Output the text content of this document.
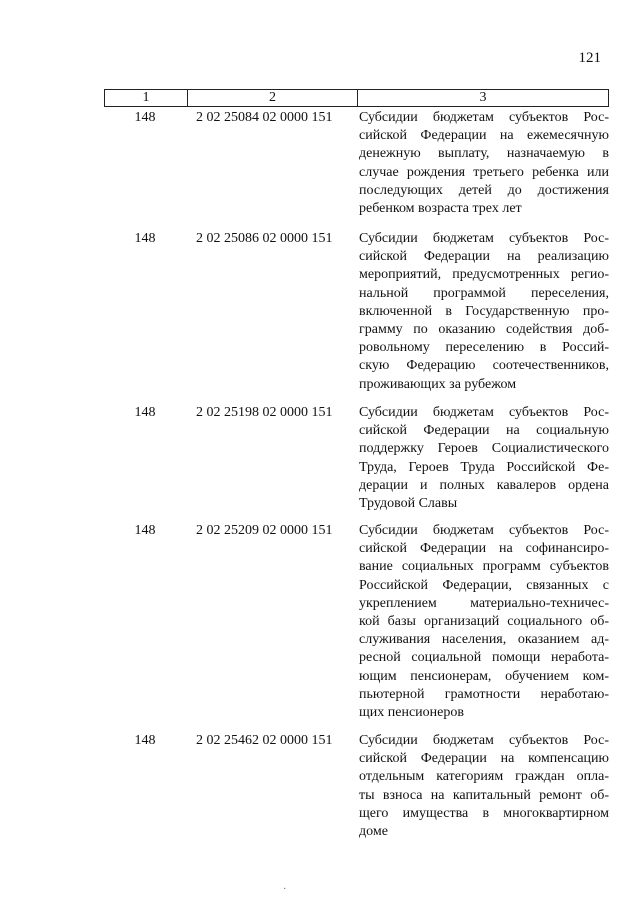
121
1	2	3
148	2 02 25084 02 0000 151	Субсидии бюджетам субъектов Рос-
сийской Федерации на ежемесячную
денежную выплату, назначаемую в
случае рождения третьего ребенка или
последующих детей до достижения
ребенком возраста трех лет
148	2 02 25086 02 0000 151	Субсидии бюджетам субъектов Рос-
сийской Федерации на реализацию
мероприятий, предусмотренных регио-
нальной программой переселения,
включенной в Государственную про-
грамму по оказанию содействия доб-
ровольному переселению в Россий-
скую Федерацию соотечественников,
проживающих за рубежом
148	2 02 25198 02 0000 151	Субсидии бюджетам субъектов Рос-
сийской Федерации на социальную
поддержку Героев Социалистического
Труда, Героев Труда Российской Фе-
дерации и полных кавалеров ордена
Трудовой Славы
148	2 02 25209 02 0000 151	Субсидии бюджетам субъектов Рос-
сийской Федерации на софинансиро-
вание социальных программ субъектов
Российской Федерации, связанных с
укреплением материально-техничес-
кой базы организаций социального об-
служивания населения, оказанием ад-
ресной социальной помощи неработа-
ющим пенсионерам, обучением ком-
пьютерной грамотности неработаю-
щих пенсионеров
148	2 02 25462 02 0000 151	Субсидии бюджетам субъектов Рос-
сийской Федерации на компенсацию
отдельным категориям граждан опла-
ты взноса на капитальный ремонт об-
щего имущества в многоквартирном
доме
·
